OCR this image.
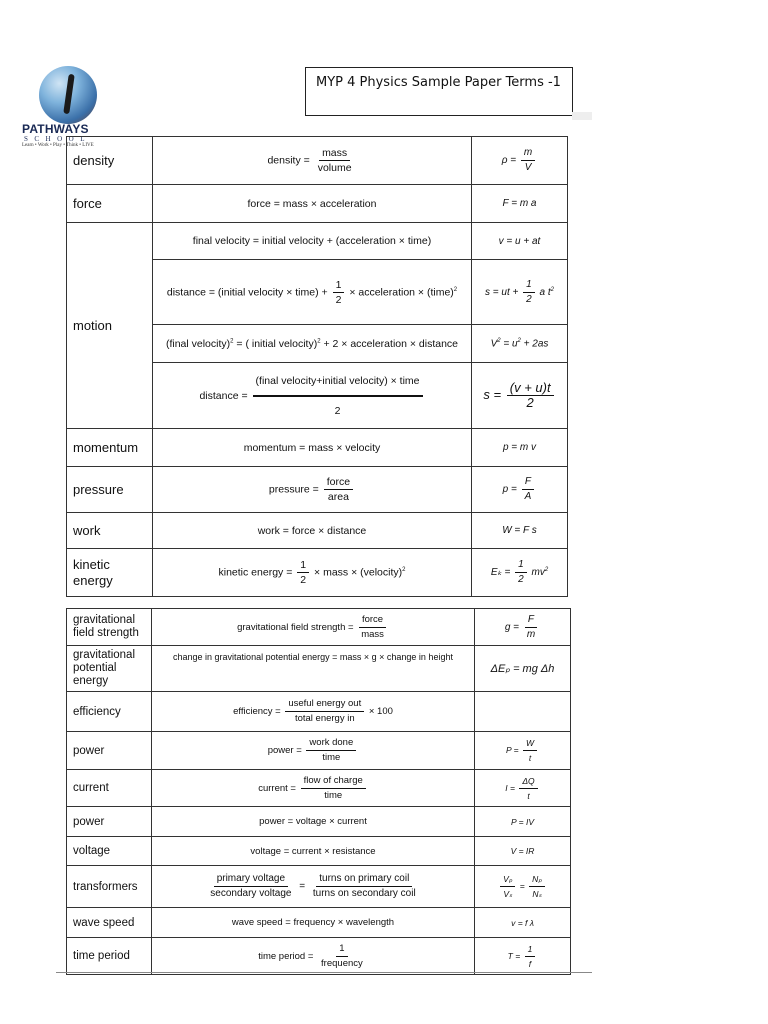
PATHWAYS
SCHOOL
Learn • Work • Play • Think • LIVE
MYP 4 Physics Sample Paper Terms -1
density	density = $\frac{\text{mass}}{\text{volume}}$	$\rho = \frac{m}{V}$

force	force = mass × acceleration	F = m a
motion	final velocity = initial velocity + (acceleration × time)	v = u + at
	distance = (initial velocity × time) + $\frac{1}{2}$ × acceleration × (time)$^2$	s = ut + $\frac{1}{2}$ a $t^2$
	(final velocity)$^2$ = ( initial velocity)$^2$ + 2 × acceleration × distance	$V^2 = u^2 + 2as$
	distance = $\frac{\text{(final velocity+initial velocity) × time}}{2}$	$s = \frac{(v + u)t}{2}$

momentum	momentum = mass × velocity	p = m v
pressure	pressure = $\frac{\text{force}}{\text{area}}$	$p = \frac{F}{A}$

work	work = force × distance	W = F s
kinetic energy	kinetic energy = $\frac{1}{2}$ × mass × (velocity)$^2$	$E_k = \frac{1}{2} mv^2$
gravitational field strength	gravitational field strength = $\frac{\text{force}}{\text{mass}}$	$g = \frac{F}{m}$

gravitational potential energy	change in gravitational potential energy = mass × g × change in height	ΔEₚ = mg Δh
efficiency	efficiency = $\frac{\text{useful energy out}}{\text{total energy in}} \times 100$	
power	power = $\frac{\text{work done}}{\text{time}}$	$P = \frac{W}{t}$

current	current = $\frac{\text{flow of charge}}{\text{time}}$	$I = \frac{\Delta Q}{t}$

power	power = voltage × current	P = IV
voltage	voltage = current × resistance	V = IR
transformers	$\frac{\text{primary voltage}}{\text{secondary voltage}} = \frac{\text{turns on primary coil}}{\text{turns on secondary coil}}$	$\frac{\text{Vₚ}}{\text{Vₛ}} = \frac{\text{Nₚ}}{\text{Nₛ}}$

wave speed	wave speed = frequency × wavelength	v = f λ
time period	time period = $\frac{1}{\text{frequency}}$	$T = \frac{1}{f}$
